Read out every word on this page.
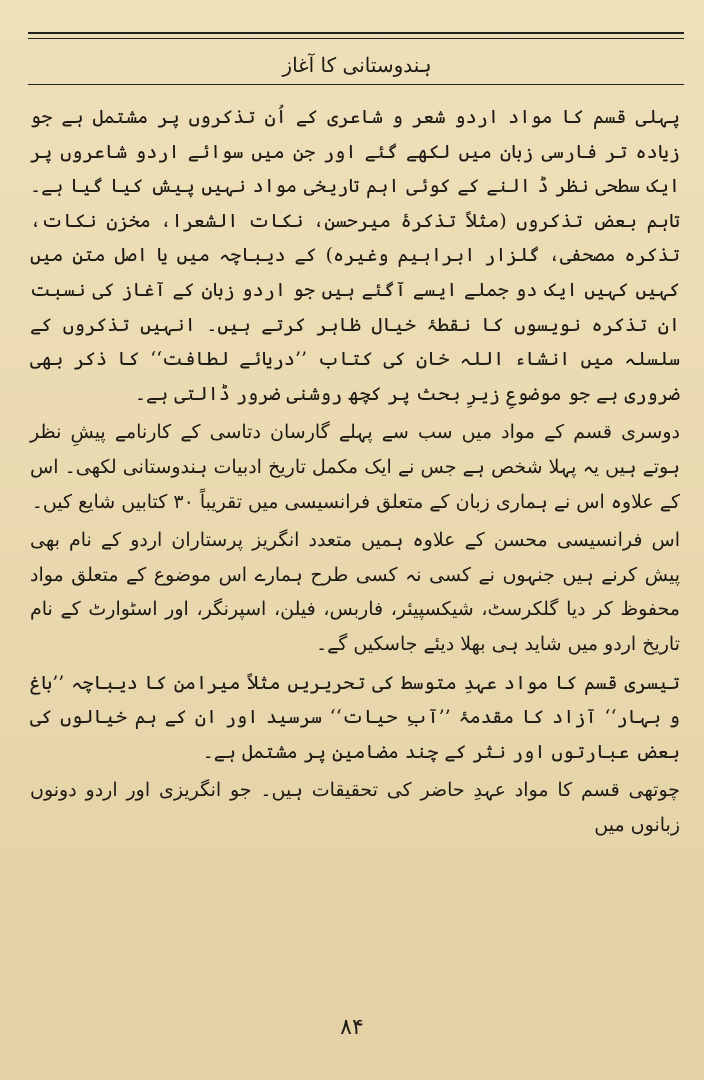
ہندوستانی کا آغاز

پہلی قسم کا مواد اردو شعر و شاعری کے اُن تذکروں پر مشتمل ہے جو زیادہ تر فارسی زبان میں لکھے گئے اور جن میں سوائے اردو شاعروں پر ایک سطحی نظر ڈ النے کے کوئی اہم تاریخی مواد نہیں پیش کیا گیا ہے۔ تاہم بعض تذکروں (مثلاً تذکرۂ میرحسن، نکات الشعرا، مخزن نکات، تذکرہ مصحفی، گلزار ابراہیم وغیرہ) کے دیباچہ میں یا اصل متن میں کہیں کہیں ایک دو جملے ایسے آگئے ہیں جو اردو زبان کے آغاز کی نسبت ان تذکرہ نویسوں کا نقطۂ خیال ظاہر کرتے ہیں۔ انہیں تذکروں کے سلسلہ میں انشاء اللہ خان کی کتاب ’’دریائے لطافت‘‘ کا ذکر بھی ضروری ہے جو موضوعِ زیرِ بحث پر کچھ روشنی ضرور ڈالتی ہے۔

دوسری قسم کے مواد میں سب سے پہلے گارسان دتاسی کے کارنامے پیشِ نظر ہوتے ہیں یہ پہلا شخص ہے جس نے ایک مکمل تاریخ ادبیات ہندوستانی لکھی۔ اس کے علاوہ اس نے ہماری زبان کے متعلق فرانسیسی میں تقریباً ۳۰ کتابیں شایع کیں۔

اس فرانسیسی محسن کے علاوہ ہمیں متعدد انگریز پرستاران اردو کے نام بھی پیش کرنے ہیں جنہوں نے کسی نہ کسی طرح ہمارے اس موضوع کے متعلق مواد محفوظ کر دیا گلکرسٹ، شیکسپیئر، فاربس، فیلن، اسپرنگر، اور اسٹوارٹ کے نام تاریخ اردو میں شاید ہی بھلا دیئے جاسکیں گے۔

تیسری قسم کا مواد عہدِ متوسط کی تحریریں مثلاً میرامن کا دیباچہ ’’باغ و بہار‘‘ آزاد کا مقدمۂ ’’آبِ حیات‘‘ سرسید اور ان کے ہم خیالوں کی بعض عبارتوں اور نثر کے چند مضامین پر مشتمل ہے۔

چوتھی قسم کا مواد عہدِ حاضر کی تحقیقات ہیں۔ جو انگریزی اور اردو دونوں زبانوں میں

۸۴
